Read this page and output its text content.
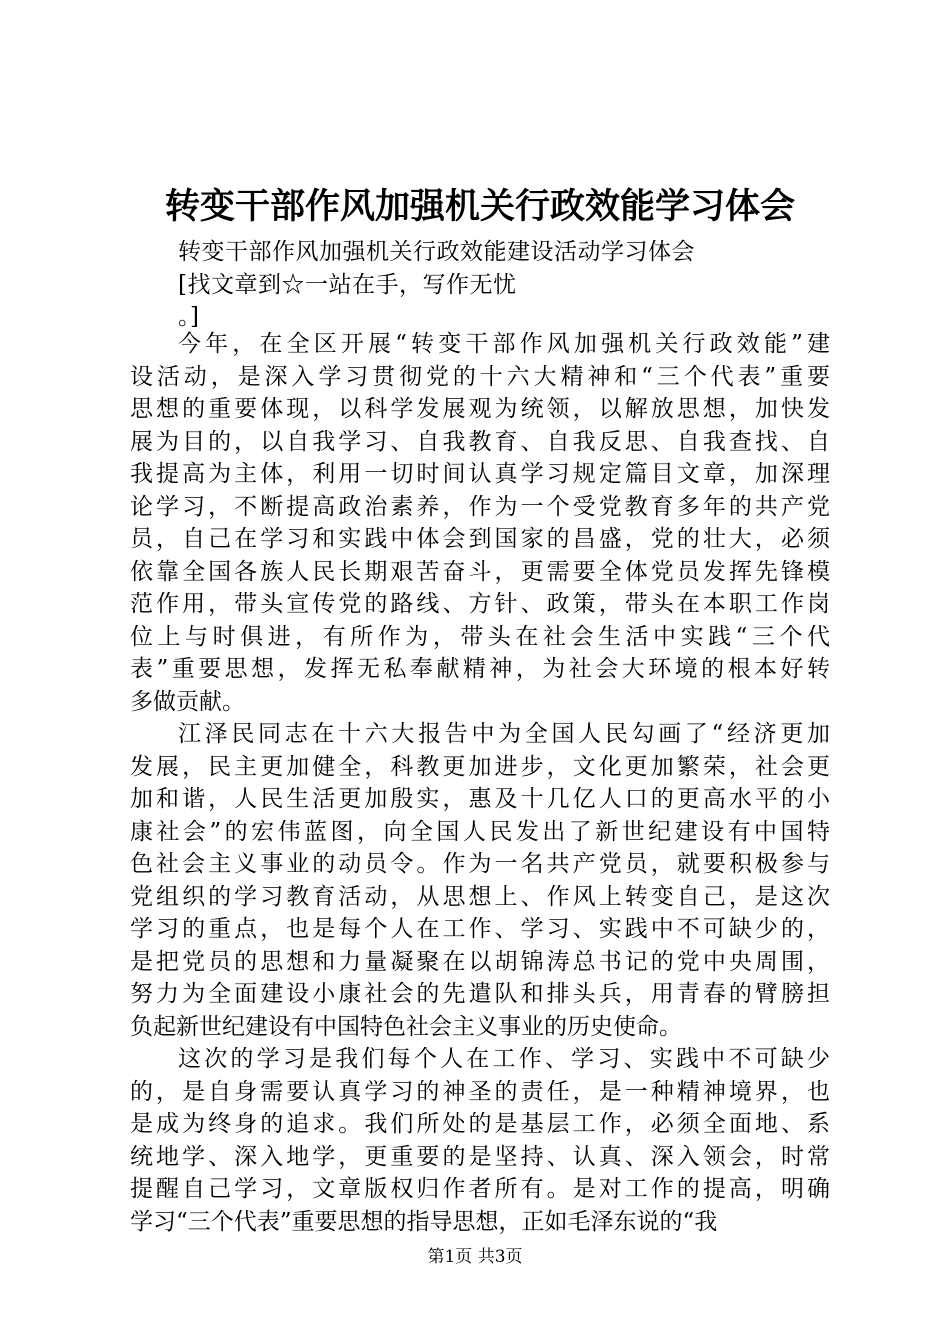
转变干部作风加强机关行政效能学习体会
转变干部作风加强机关行政效能建设活动学习体会
[找文章到☆一站在手，写作无忧
。]
今年，在全区开展“转变干部作风加强机关行政效能”建
设活动，是深入学习贯彻党的十六大精神和“三个代表”重要
思想的重要体现，以科学发展观为统领，以解放思想，加快发
展为目的，以自我学习、自我教育、自我反思、自我查找、自
我提高为主体，利用一切时间认真学习规定篇目文章，加深理
论学习，不断提高政治素养，作为一个受党教育多年的共产党
员，自己在学习和实践中体会到国家的昌盛，党的壮大，必须
依靠全国各族人民长期艰苦奋斗，更需要全体党员发挥先锋模
范作用，带头宣传党的路线、方针、政策，带头在本职工作岗
位上与时俱进，有所作为，带头在社会生活中实践“三个代
表”重要思想，发挥无私奉献精神，为社会大环境的根本好转
多做贡献。
江泽民同志在十六大报告中为全国人民勾画了“经济更加
发展，民主更加健全，科教更加进步，文化更加繁荣，社会更
加和谐，人民生活更加殷实，惠及十几亿人口的更高水平的小
康社会”的宏伟蓝图，向全国人民发出了新世纪建设有中国特
色社会主义事业的动员令。作为一名共产党员，就要积极参与
党组织的学习教育活动，从思想上、作风上转变自己，是这次
学习的重点，也是每个人在工作、学习、实践中不可缺少的，
是把党员的思想和力量凝聚在以胡锦涛总书记的党中央周围，
努力为全面建设小康社会的先遣队和排头兵，用青春的臂膀担
负起新世纪建设有中国特色社会主义事业的历史使命。
这次的学习是我们每个人在工作、学习、实践中不可缺少
的，是自身需要认真学习的神圣的责任，是一种精神境界，也
是成为终身的追求。我们所处的是基层工作，必须全面地、系
统地学、深入地学，更重要的是坚持、认真、深入领会，时常
提醒自己学习，文章版权归作者所有。是对工作的提高，明确
学习“三个代表”重要思想的指导思想，正如毛泽东说的“我
第1页 共3页
